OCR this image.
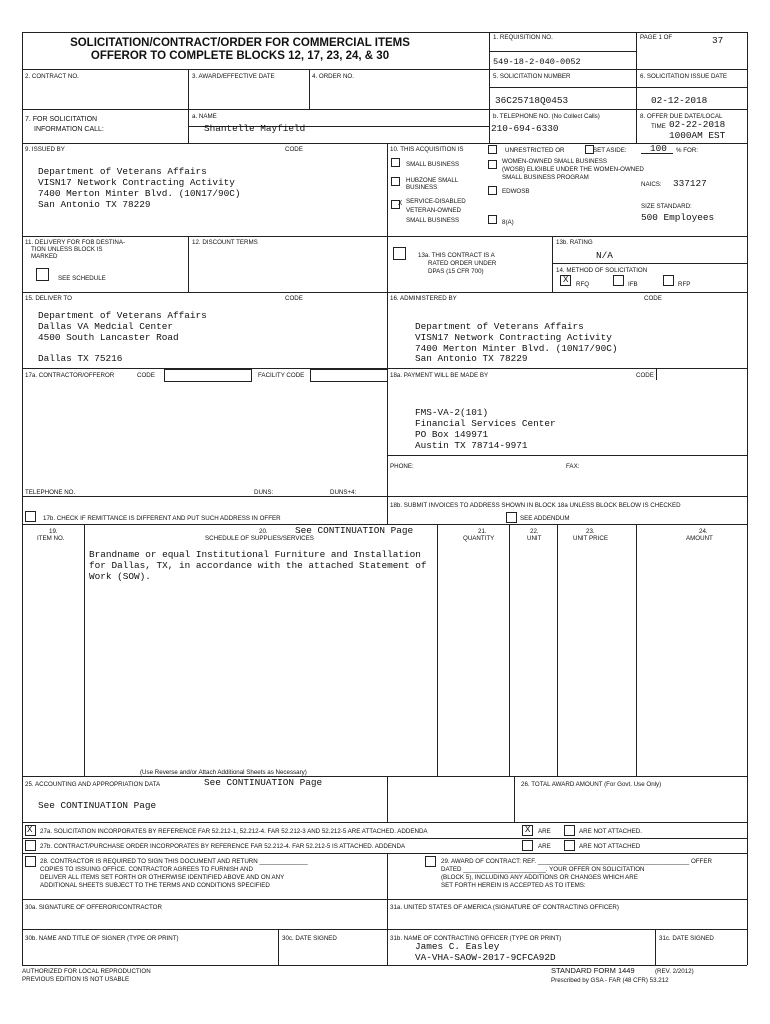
SOLICITATION/CONTRACT/ORDER FOR COMMERCIAL ITEMS
OFFEROR TO COMPLETE BLOCKS 12, 17, 23, 24, & 30
1. REQUISITION NO.
549-18-2-040-0052
PAGE 1 OF	37
2. CONTRACT NO.	3. AWARD/EFFECTIVE DATE	4. ORDER NO.	5. SOLICITATION NUMBER
36C25718Q0453
6. SOLICITATION ISSUE DATE
02-12-2018
7. FOR SOLICITATION
INFORMATION CALL:
a. NAME
Shantelle Mayfield
b. TELEPHONE NO. (No Collect Calls)
210-694-6330
8. OFFER DUE DATE/LOCAL
TIME 02-22-2018
1000AM EST
9. ISSUED BY	CODE
Department of Veterans Affairs
VISN17 Network Contracting Activity
7400 Merton Minter Blvd. (10N17/90C)
San Antonio TX 78229
10. THIS ACQUISITION IS	UNRESTRICTED OR	SET ASIDE: 100 % FOR:
SMALL BUSINESS
HUBZONE SMALL
BUSINESS
X SERVICE-DISABLED
VETERAN-OWNED
SMALL BUSINESS
WOMEN-OWNED SMALL BUSINESS
(WOSB) ELIGIBLE UNDER THE WOMEN-OWNED
SMALL BUSINESS PROGRAM
EDWOSB
8(A)
NAICS: 337127
SIZE STANDARD:
500 Employees
11. DELIVERY FOR FOB DESTINA-
TION UNLESS BLOCK IS
MARKED
SEE SCHEDULE
12. DISCOUNT TERMS
13a. THIS CONTRACT IS A
RATED ORDER UNDER
DPAS (15 CFR 700)
13b. RATING
N/A
14. METHOD OF SOLICITATION
X RFQ	IFB	RFP
15. DELIVER TO	CODE
Department of Veterans Affairs
Dallas VA Medcial Center
4500 South Lancaster Road
Dallas TX 75216
16. ADMINISTERED BY	CODE
Department of Veterans Affairs
VISN17 Network Contracting Activity
7400 Merton Minter Blvd. (10N17/90C)
San Antonio TX 78229
17a. CONTRACTOR/OFFEROR	CODE	FACILITY CODE
TELEPHONE NO.	DUNS:	DUNS+4:
17b. CHECK IF REMITTANCE IS DIFFERENT AND PUT SUCH ADDRESS IN OFFER
18a. PAYMENT WILL BE MADE BY	CODE
FMS-VA-2(101)
Financial Services Center
PO Box 149971
Austin TX 78714-9971
PHONE:	FAX:
18b. SUBMIT INVOICES TO ADDRESS SHOWN IN BLOCK 18a UNLESS BLOCK BELOW IS CHECKED
SEE ADDENDUM
19.
ITEM NO.
20.	See CONTINUATION Page
SCHEDULE OF SUPPLIES/SERVICES
21.
QUANTITY
22.
UNIT
23.
UNIT PRICE
24.
AMOUNT
Brandname or equal Institutional Furniture and Installation
for Dallas, TX, in accordance with the attached Statement of
Work (SOW).
(Use Reverse and/or Attach Additional Sheets as Necessary)
25. ACCOUNTING AND APPROPRIATION DATA	See CONTINUATION Page
See CONTINUATION Page
26. TOTAL AWARD AMOUNT (For Govt. Use Only)
X 27a. SOLICITATION INCORPORATES BY REFERENCE FAR 52.212-1, 52.212-4. FAR 52.212-3 AND 52.212-5 ARE ATTACHED. ADDENDA	X ARE	ARE NOT ATTACHED.
27b. CONTRACT/PURCHASE ORDER INCORPORATES BY REFERENCE FAR 52.212-4. FAR 52.212-5 IS ATTACHED. ADDENDA	ARE	ARE NOT ATTACHED
28. CONTRACTOR IS REQUIRED TO SIGN THIS DOCUMENT AND RETURN ______________
COPIES TO ISSUING OFFICE. CONTRACTOR AGREES TO FURNISH AND
DELIVER ALL ITEMS SET FORTH OR OTHERWISE IDENTIFIED ABOVE AND ON ANY
ADDITIONAL SHEETS SUBJECT TO THE TERMS AND CONDITIONS SPECIFIED
29. AWARD OF CONTRACT: REF. ____________________________________________ OFFER
DATED ________________________. YOUR OFFER ON SOLICITATION
(BLOCK 5), INCLUDING ANY ADDITIONS OR CHANGES WHICH ARE
SET FORTH HEREIN IS ACCEPTED AS TO ITEMS:
30a. SIGNATURE OF OFFEROR/CONTRACTOR	31a. UNITED STATES OF AMERICA (SIGNATURE OF CONTRACTING OFFICER)
30b. NAME AND TITLE OF SIGNER (TYPE OR PRINT)	30c. DATE SIGNED	31b. NAME OF CONTRACTING OFFICER (TYPE OR PRINT)
James C. Easley
VA-VHA-SAOW-2017-9CFCA92D
31c. DATE SIGNED
AUTHORIZED FOR LOCAL REPRODUCTION
PREVIOUS EDITION IS NOT USABLE
STANDARD FORM 1449	(REV. 2/2012)
Prescribed by GSA - FAR (48 CFR) 53.212
